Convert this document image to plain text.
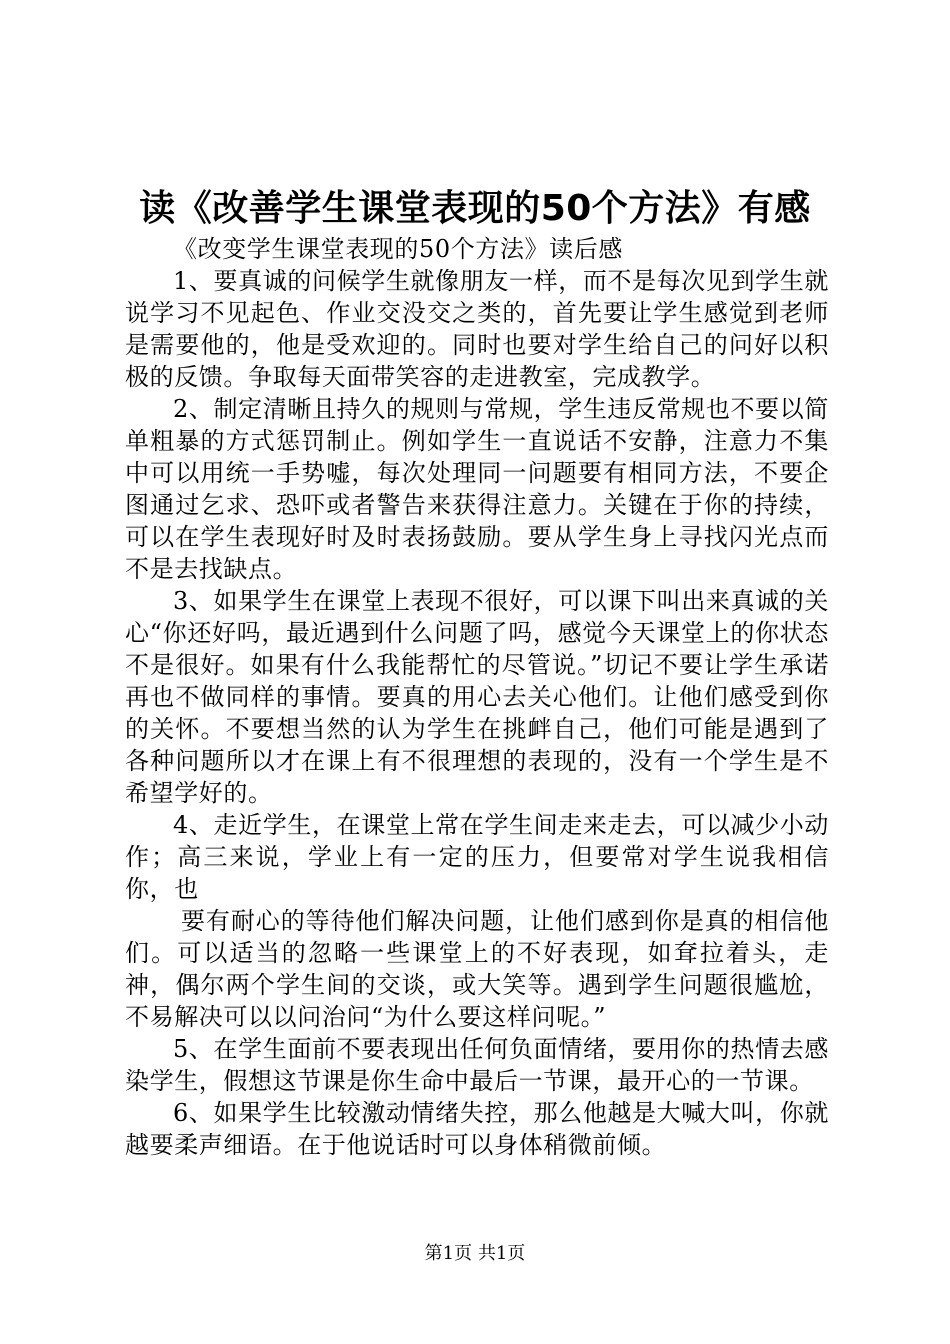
读《改善学生课堂表现的50个方法》有感

《改变学生课堂表现的50个方法》读后感

1、要真诚的问候学生就像朋友一样，而不是每次见到学生就说学习不见起色、作业交没交之类的，首先要让学生感觉到老师是需要他的，他是受欢迎的。同时也要对学生给自己的问好以积极的反馈。争取每天面带笑容的走进教室，完成教学。

2、制定清晰且持久的规则与常规，学生违反常规也不要以简单粗暴的方式惩罚制止。例如学生一直说话不安静，注意力不集中可以用统一手势嘘，每次处理同一问题要有相同方法，不要企图通过乞求、恐吓或者警告来获得注意力。关键在于你的持续，可以在学生表现好时及时表扬鼓励。要从学生身上寻找闪光点而不是去找缺点。

3、如果学生在课堂上表现不很好，可以课下叫出来真诚的关心“你还好吗，最近遇到什么问题了吗，感觉今天课堂上的你状态不是很好。如果有什么我能帮忙的尽管说。”切记不要让学生承诺再也不做同样的事情。要真的用心去关心他们。让他们感受到你的关怀。不要想当然的认为学生在挑衅自己，他们可能是遇到了各种问题所以才在课上有不很理想的表现的，没有一个学生是不希望学好的。

4、走近学生，在课堂上常在学生间走来走去，可以减少小动作；高三来说，学业上有一定的压力，但要常对学生说我相信你，也

要有耐心的等待他们解决问题，让他们感到你是真的相信他们。可以适当的忽略一些课堂上的不好表现，如耷拉着头，走神，偶尔两个学生间的交谈，或大笑等。遇到学生问题很尴尬，不易解决可以以问治问“为什么要这样问呢。”

5、在学生面前不要表现出任何负面情绪，要用你的热情去感染学生，假想这节课是你生命中最后一节课，最开心的一节课。

6、如果学生比较激动情绪失控，那么他越是大喊大叫，你就越要柔声细语。在于他说话时可以身体稍微前倾。

第1页 共1页
